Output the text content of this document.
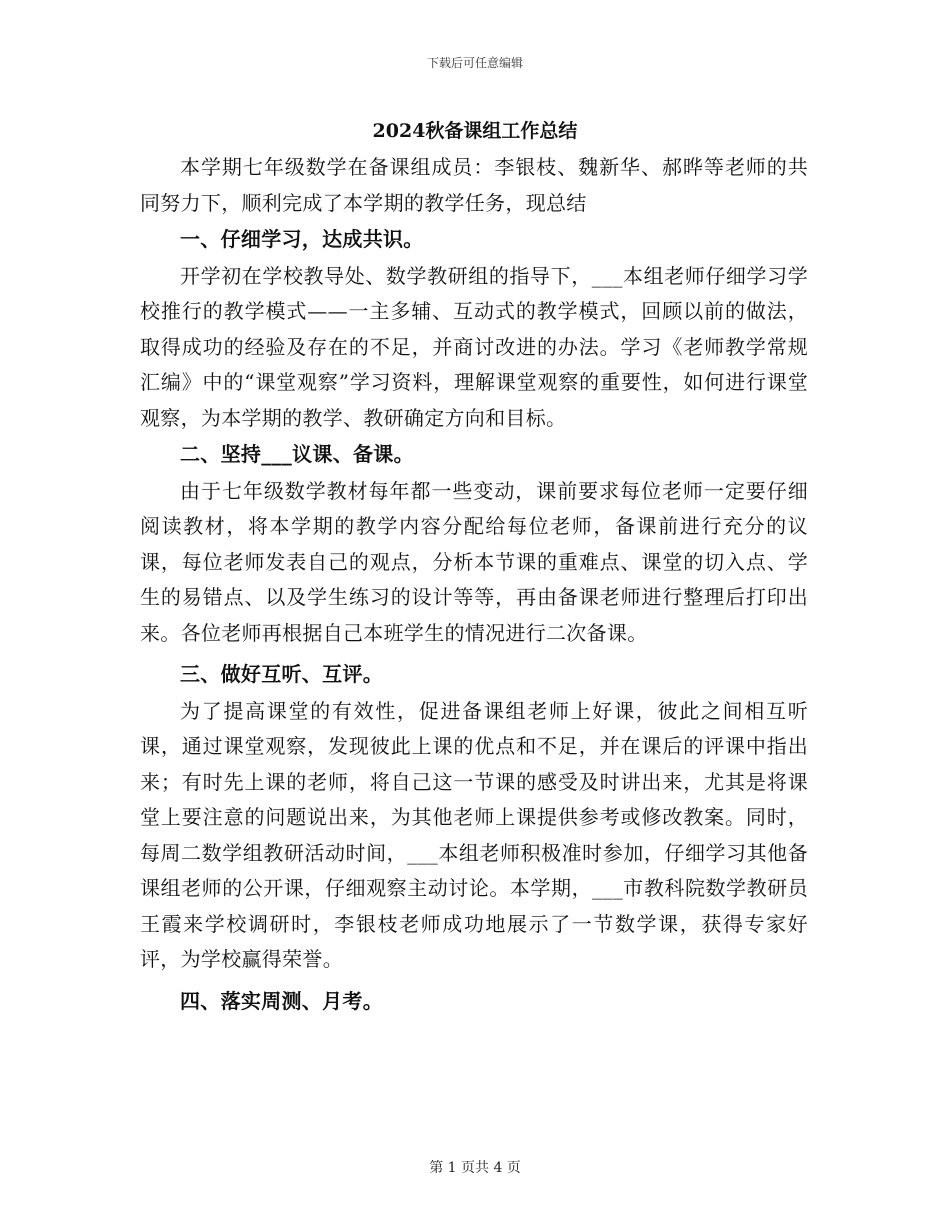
下载后可任意编辑
2024秋备课组工作总结

本学期七年级数学在备课组成员：李银枝、魏新华、郝晔等老师的共同努力下，顺利完成了本学期的教学任务，现总结

一、仔细学习，达成共识。

开学初在学校教导处、数学教研组的指导下，___本组老师仔细学习学校推行的教学模式——一主多辅、互动式的教学模式，回顾以前的做法，取得成功的经验及存在的不足，并商讨改进的办法。学习《老师教学常规汇编》中的“课堂观察”学习资料，理解课堂观察的重要性，如何进行课堂观察，为本学期的教学、教研确定方向和目标。

二、坚持___议课、备课。

由于七年级数学教材每年都一些变动，课前要求每位老师一定要仔细阅读教材，将本学期的教学内容分配给每位老师，备课前进行充分的议课，每位老师发表自己的观点，分析本节课的重难点、课堂的切入点、学生的易错点、以及学生练习的设计等等，再由备课老师进行整理后打印出来。各位老师再根据自己本班学生的情况进行二次备课。

三、做好互听、互评。

为了提高课堂的有效性，促进备课组老师上好课，彼此之间相互听课，通过课堂观察，发现彼此上课的优点和不足，并在课后的评课中指出来；有时先上课的老师，将自己这一节课的感受及时讲出来，尤其是将课堂上要注意的问题说出来，为其他老师上课提供参考或修改教案。同时，每周二数学组教研活动时间，___本组老师积极准时参加，仔细学习其他备课组老师的公开课，仔细观察主动讨论。本学期，___市教科院数学教研员王霞来学校调研时，李银枝老师成功地展示了一节数学课，获得专家好评，为学校赢得荣誉。

四、落实周测、月考。

第 1 页共 4 页
